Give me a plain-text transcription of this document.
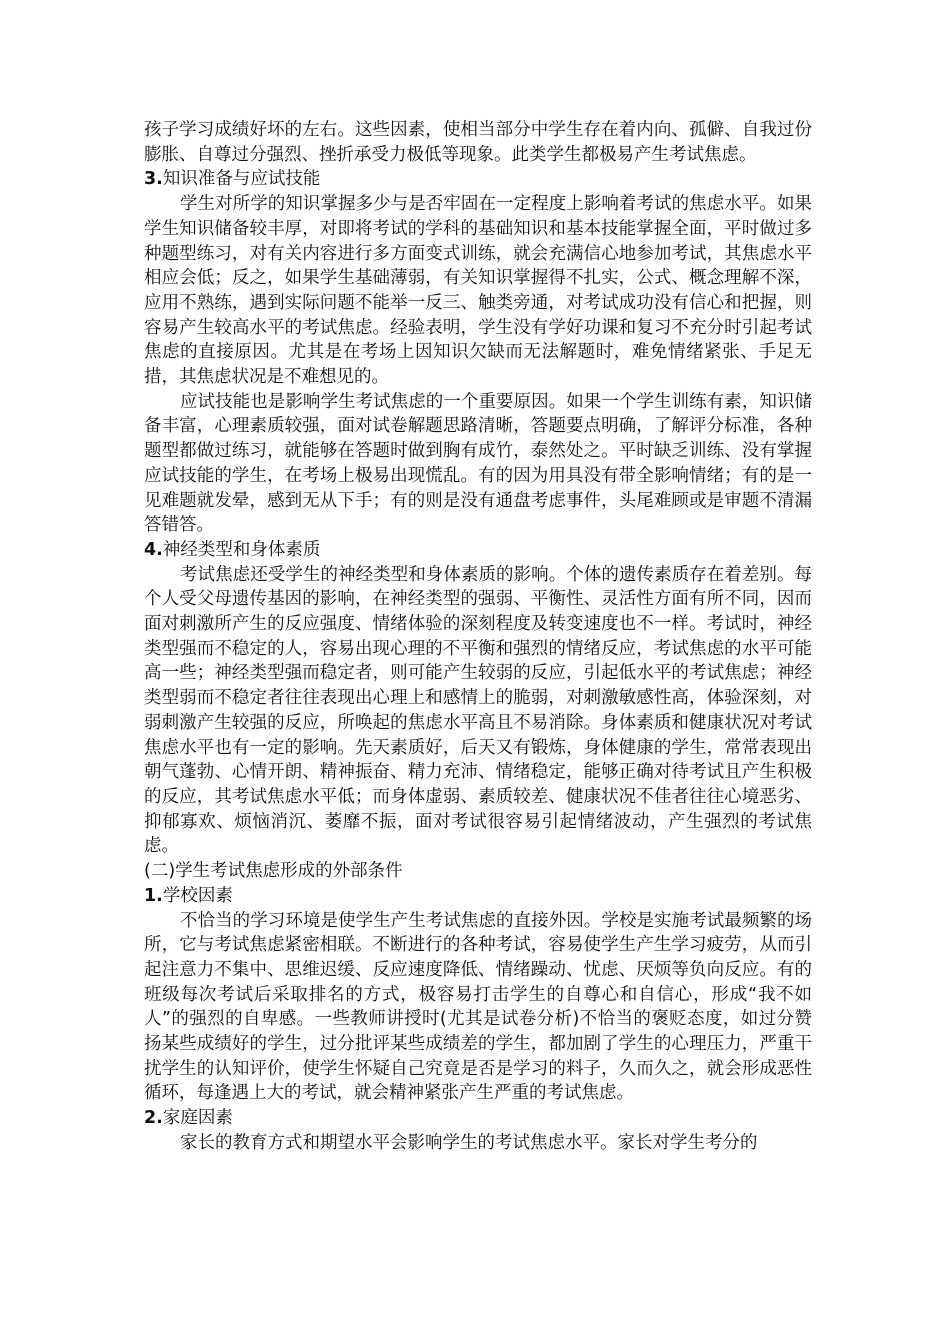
孩子学习成绩好坏的左右。这些因素，使相当部分中学生存在着内向、孤僻、自我过份膨胀、自尊过分强烈、挫折承受力极低等现象。此类学生都极易产生考试焦虑。

3.知识准备与应试技能

学生对所学的知识掌握多少与是否牢固在一定程度上影响着考试的焦虑水平。如果学生知识储备较丰厚，对即将考试的学科的基础知识和基本技能掌握全面，平时做过多种题型练习，对有关内容进行多方面变式训练，就会充满信心地参加考试，其焦虑水平相应会低；反之，如果学生基础薄弱，有关知识掌握得不扎实，公式、概念理解不深，应用不熟练，遇到实际问题不能举一反三、触类旁通，对考试成功没有信心和把握，则容易产生较高水平的考试焦虑。经验表明，学生没有学好功课和复习不充分时引起考试焦虑的直接原因。尤其是在考场上因知识欠缺而无法解题时，难免情绪紧张、手足无措，其焦虑状况是不难想见的。

应试技能也是影响学生考试焦虑的一个重要原因。如果一个学生训练有素，知识储备丰富，心理素质较强，面对试卷解题思路清晰，答题要点明确，了解评分标准，各种题型都做过练习，就能够在答题时做到胸有成竹，泰然处之。平时缺乏训练、没有掌握应试技能的学生，在考场上极易出现慌乱。有的因为用具没有带全影响情绪；有的是一见难题就发晕，感到无从下手；有的则是没有通盘考虑事件，头尾难顾或是审题不清漏答错答。

4.神经类型和身体素质

考试焦虑还受学生的神经类型和身体素质的影响。个体的遗传素质存在着差别。每个人受父母遗传基因的影响，在神经类型的强弱、平衡性、灵活性方面有所不同，因而面对刺激所产生的反应强度、情绪体验的深刻程度及转变速度也不一样。考试时，神经类型强而不稳定的人，容易出现心理的不平衡和强烈的情绪反应，考试焦虑的水平可能高一些；神经类型强而稳定者，则可能产生较弱的反应，引起低水平的考试焦虑；神经类型弱而不稳定者往往表现出心理上和感情上的脆弱，对刺激敏感性高，体验深刻，对弱刺激产生较强的反应，所唤起的焦虑水平高且不易消除。身体素质和健康状况对考试焦虑水平也有一定的影响。先天素质好，后天又有锻炼，身体健康的学生，常常表现出朝气蓬勃、心情开朗、精神振奋、精力充沛、情绪稳定，能够正确对待考试且产生积极的反应，其考试焦虑水平低；而身体虚弱、素质较差、健康状况不佳者往往心境恶劣、抑郁寡欢、烦恼消沉、萎靡不振，面对考试很容易引起情绪波动，产生强烈的考试焦虑。

(二)学生考试焦虑形成的外部条件

1.学校因素

不恰当的学习环境是使学生产生考试焦虑的直接外因。学校是实施考试最频繁的场所，它与考试焦虑紧密相联。不断进行的各种考试，容易使学生产生学习疲劳，从而引起注意力不集中、思维迟缓、反应速度降低、情绪躁动、忧虑、厌烦等负向反应。有的班级每次考试后采取排名的方式，极容易打击学生的自尊心和自信心，形成“我不如人”的强烈的自卑感。一些教师讲授时(尤其是试卷分析)不恰当的褒贬态度，如过分赞扬某些成绩好的学生，过分批评某些成绩差的学生，都加剧了学生的心理压力，严重干扰学生的认知评价，使学生怀疑自己究竟是否是学习的料子，久而久之，就会形成恶性循环，每逢遇上大的考试，就会精神紧张产生严重的考试焦虑。

2.家庭因素

家长的教育方式和期望水平会影响学生的考试焦虑水平。家长对学生考分的
